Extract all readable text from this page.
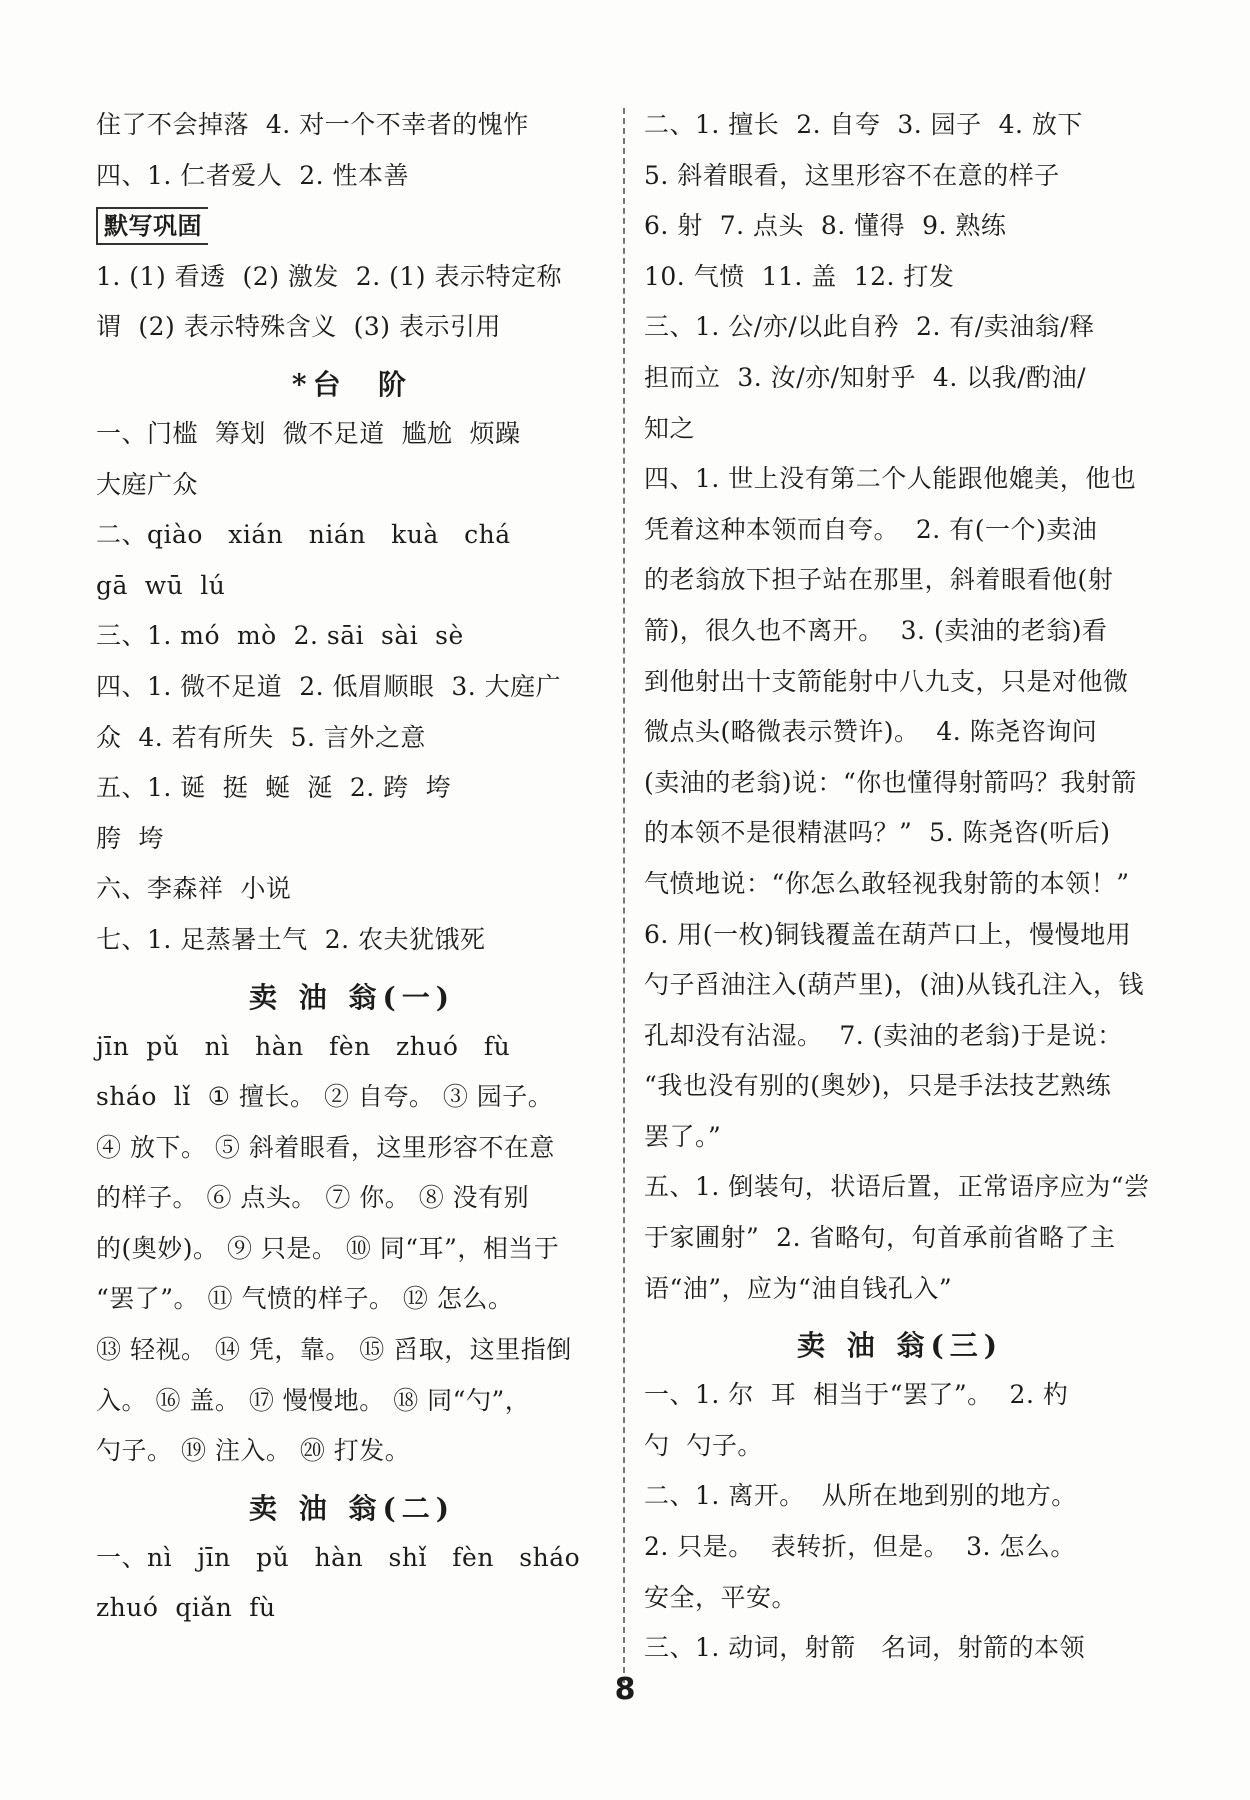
住了不会掉落  4. 对一个不幸者的愧怍
四、1. 仁者爱人  2. 性本善
默写巩固
1. (1) 看透  (2) 激发  2. (1) 表示特定称
谓  (2) 表示特殊含义  (3) 表示引用
*台  阶
一、门槛  筹划  微不足道  尴尬  烦躁
大庭广众
二、qiào   xián   nián   kuà   chá
gā  wū  lú
三、1. mó  mò  2. sāi  sài  sè
四、1. 微不足道  2. 低眉顺眼  3. 大庭广
众  4. 若有所失  5. 言外之意
五、1. 诞  挺  蜒  涎  2. 跨  垮
胯  垮
六、李森祥  小说
七、1. 足蒸暑土气  2. 农夫犹饿死
卖 油 翁(一)
jīn  pǔ   nì   hàn   fèn   zhuó   fù
sháo  lǐ  ① 擅长。 ② 自夸。 ③ 园子。
④ 放下。 ⑤ 斜着眼看，这里形容不在意
的样子。 ⑥ 点头。 ⑦ 你。 ⑧ 没有别
的(奥妙)。 ⑨ 只是。 ⑩ 同“耳”，相当于
“罢了”。 ⑪ 气愤的样子。 ⑫ 怎么。
⑬ 轻视。 ⑭ 凭，靠。 ⑮ 舀取，这里指倒
入。 ⑯ 盖。 ⑰ 慢慢地。 ⑱ 同“勺”，
勺子。 ⑲ 注入。 ⑳ 打发。
卖 油 翁(二)
一、nì   jīn   pǔ   hàn   shǐ   fèn   sháo
zhuó  qiǎn  fù
二、1. 擅长  2. 自夸  3. 园子  4. 放下
5. 斜着眼看，这里形容不在意的样子
6. 射  7. 点头  8. 懂得  9. 熟练
10. 气愤  11. 盖  12. 打发
三、1. 公/亦/以此自矜  2. 有/卖油翁/释
担而立  3. 汝/亦/知射乎  4. 以我/酌油/
知之
四、1. 世上没有第二个人能跟他媲美，他也
凭着这种本领而自夸。  2. 有(一个)卖油
的老翁放下担子站在那里，斜着眼看他(射
箭)，很久也不离开。  3. (卖油的老翁)看
到他射出十支箭能射中八九支，只是对他微
微点头(略微表示赞许)。  4. 陈尧咨询问
(卖油的老翁)说：“你也懂得射箭吗？我射箭
的本领不是很精湛吗？”  5. 陈尧咨(听后)
气愤地说：“你怎么敢轻视我射箭的本领！”
6. 用(一枚)铜钱覆盖在葫芦口上，慢慢地用
勺子舀油注入(葫芦里)，(油)从钱孔注入，钱
孔却没有沾湿。  7. (卖油的老翁)于是说：
“我也没有别的(奥妙)，只是手法技艺熟练
罢了。”
五、1. 倒装句，状语后置，正常语序应为“尝
于家圃射”  2. 省略句，句首承前省略了主
语“油”，应为“油自钱孔入”
卖 油 翁(三)
一、1. 尔  耳  相当于“罢了”。  2. 杓
勺  勺子。
二、1. 离开。  从所在地到别的地方。
2. 只是。  表转折，但是。  3. 怎么。
安全，平安。
三、1. 动词，射箭   名词，射箭的本领
8
